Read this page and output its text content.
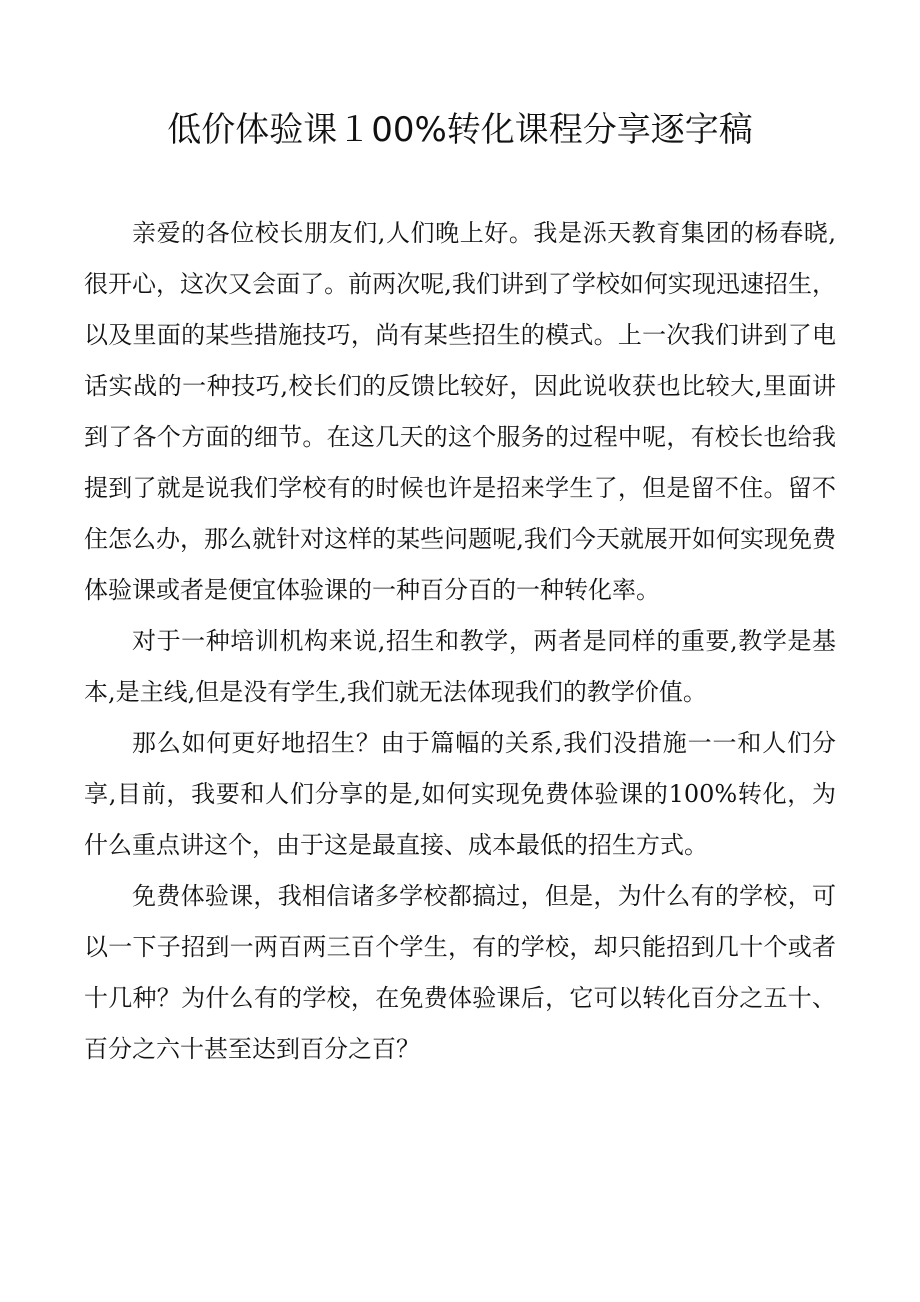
低价体验课１00%转化课程分享逐字稿

亲爱的各位校长朋友们,人们晚上好。我是泺天教育集团的杨春晓,很开心，这次又会面了。前两次呢,我们讲到了学校如何实现迅速招生，以及里面的某些措施技巧，尚有某些招生的模式。上一次我们讲到了电话实战的一种技巧,校长们的反馈比较好，因此说收获也比较大,里面讲到了各个方面的细节。在这几天的这个服务的过程中呢，有校长也给我提到了就是说我们学校有的时候也许是招来学生了，但是留不住。留不住怎么办，那么就针对这样的某些问题呢,我们今天就展开如何实现免费体验课或者是便宜体验课的一种百分百的一种转化率。

对于一种培训机构来说,招生和教学，两者是同样的重要,教学是基本,是主线,但是没有学生,我们就无法体现我们的教学价值。

那么如何更好地招生？由于篇幅的关系,我们没措施一一和人们分享,目前，我要和人们分享的是,如何实现免费体验课的100%转化，为什么重点讲这个，由于这是最直接、成本最低的招生方式。

免费体验课，我相信诸多学校都搞过，但是，为什么有的学校，可以一下子招到一两百两三百个学生，有的学校，却只能招到几十个或者十几种？为什么有的学校，在免费体验课后，它可以转化百分之五十、百分之六十甚至达到百分之百？
